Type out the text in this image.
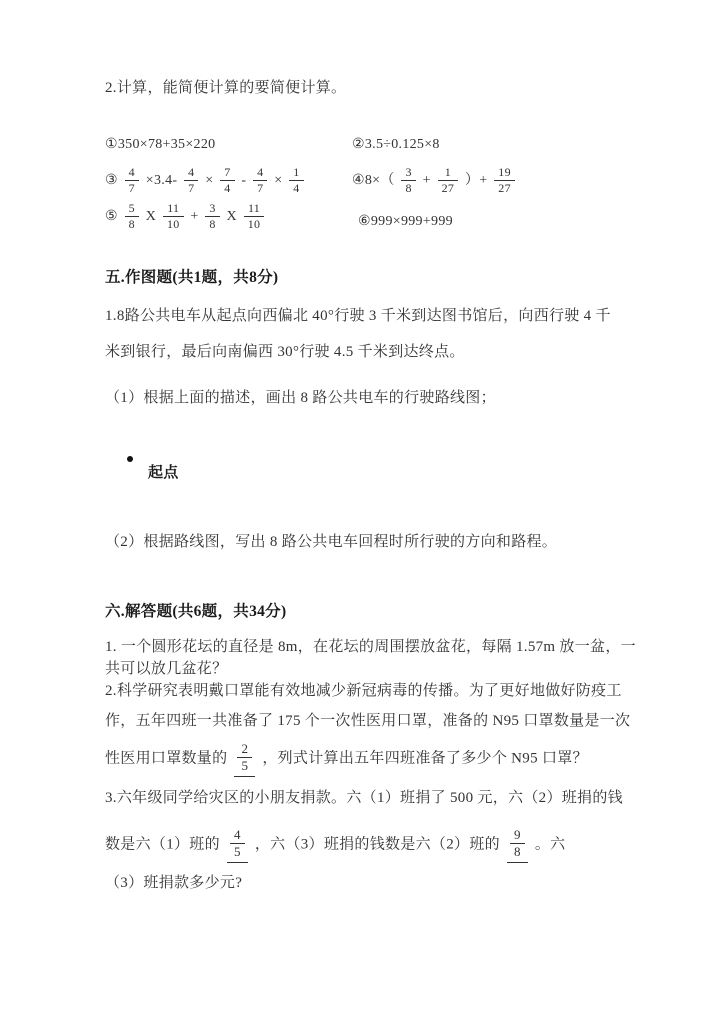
2.计算，能简便计算的要简便计算。
①350×78+35×220	②3.5÷0.125×8
③ $\frac{4}{7} \times 3.4- \frac{4}{7} \times \frac{7}{4} - \frac{4}{7} \times \frac{1}{4}$	④8×（ $\frac{3}{8} + \frac{1}{27}$ ）+ $\frac{19}{27}$
⑤ $\frac{5}{8}$ X $\frac{11}{10} + \frac{3}{8}$ X $\frac{11}{10}$	⑥999×999+999
五.作图题(共1题，共8分)
1.8路公共电车从起点向西偏北 40°行驶 3 千米到达图书馆后，向西行驶 4 千
米到银行，最后向南偏西 30°行驶 4.5 千米到达终点。
（1）根据上面的描述，画出 8 路公共电车的行驶路线图；
起点
（2）根据路线图，写出 8 路公共电车回程时所行驶的方向和路程。
六.解答题(共6题，共34分)
1. 一个圆形花坛的直径是 8m，在花坛的周围摆放盆花，每隔 1.57m 放一盆，一
共可以放几盆花？
2.科学研究表明戴口罩能有效地减少新冠病毒的传播。为了更好地做好防疫工
作，五年四班一共准备了 175 个一次性医用口罩，准备的 N95 口罩数量是一次
性医用口罩数量的 $\frac{2}{5}$ ，列式计算出五年四班准备了多少个 N95 口罩？
3.六年级同学给灾区的小朋友捐款。六（1）班捐了 500 元，六（2）班捐的钱
数是六（1）班的 $\frac{4}{5}$ ，六（3）班捐的钱数是六（2）班的 $\frac{9}{8}$ 。六
（3）班捐款多少元?
